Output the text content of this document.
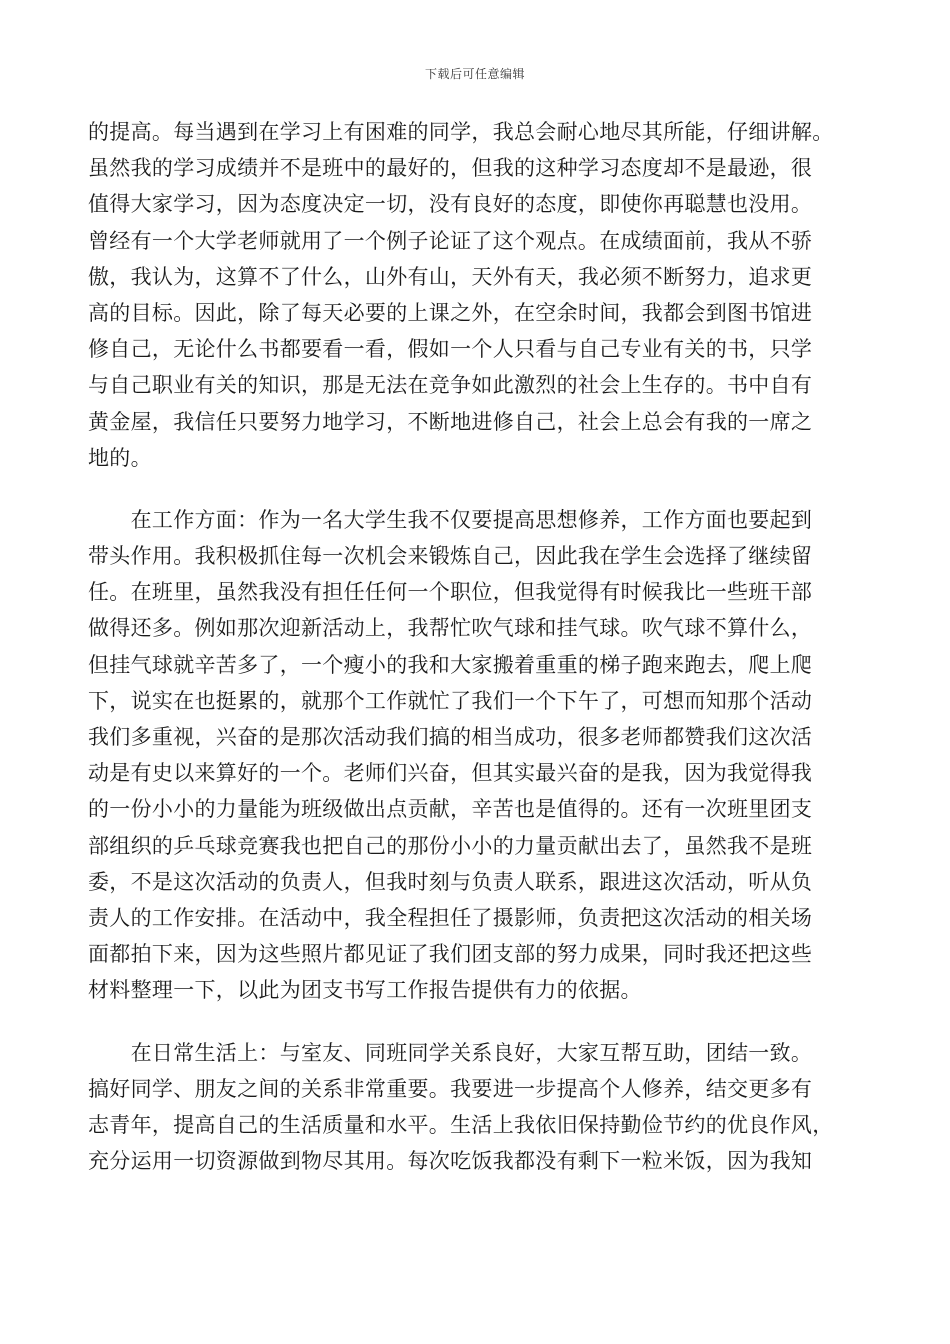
下载后可任意编辑
的提高。每当遇到在学习上有困难的同学，我总会耐心地尽其所能，仔细讲解。
虽然我的学习成绩并不是班中的最好的，但我的这种学习态度却不是最逊，很
值得大家学习，因为态度决定一切，没有良好的态度，即使你再聪慧也没用。
曾经有一个大学老师就用了一个例子论证了这个观点。在成绩面前，我从不骄
傲，我认为，这算不了什么，山外有山，天外有天，我必须不断努力，追求更
高的目标。因此，除了每天必要的上课之外，在空余时间，我都会到图书馆进
修自己，无论什么书都要看一看，假如一个人只看与自己专业有关的书，只学
与自己职业有关的知识，那是无法在竞争如此激烈的社会上生存的。书中自有
黄金屋，我信任只要努力地学习，不断地进修自己，社会上总会有我的一席之
地的。
　　在工作方面：作为一名大学生我不仅要提高思想修养，工作方面也要起到
带头作用。我积极抓住每一次机会来锻炼自己，因此我在学生会选择了继续留
任。在班里，虽然我没有担任任何一个职位，但我觉得有时候我比一些班干部
做得还多。例如那次迎新活动上，我帮忙吹气球和挂气球。吹气球不算什么，
但挂气球就辛苦多了，一个瘦小的我和大家搬着重重的梯子跑来跑去，爬上爬
下，说实在也挺累的，就那个工作就忙了我们一个下午了，可想而知那个活动
我们多重视，兴奋的是那次活动我们搞的相当成功，很多老师都赞我们这次活
动是有史以来算好的一个。老师们兴奋，但其实最兴奋的是我，因为我觉得我
的一份小小的力量能为班级做出点贡献，辛苦也是值得的。还有一次班里团支
部组织的乒乓球竞赛我也把自己的那份小小的力量贡献出去了，虽然我不是班
委，不是这次活动的负责人，但我时刻与负责人联系，跟进这次活动，听从负
责人的工作安排。在活动中，我全程担任了摄影师，负责把这次活动的相关场
面都拍下来，因为这些照片都见证了我们团支部的努力成果，同时我还把这些
材料整理一下，以此为团支书写工作报告提供有力的依据。
　　在日常生活上：与室友、同班同学关系良好，大家互帮互助，团结一致。
搞好同学、朋友之间的关系非常重要。我要进一步提高个人修养，结交更多有
志青年，提高自己的生活质量和水平。生活上我依旧保持勤俭节约的优良作风，
充分运用一切资源做到物尽其用。每次吃饭我都没有剩下一粒米饭，因为我知
